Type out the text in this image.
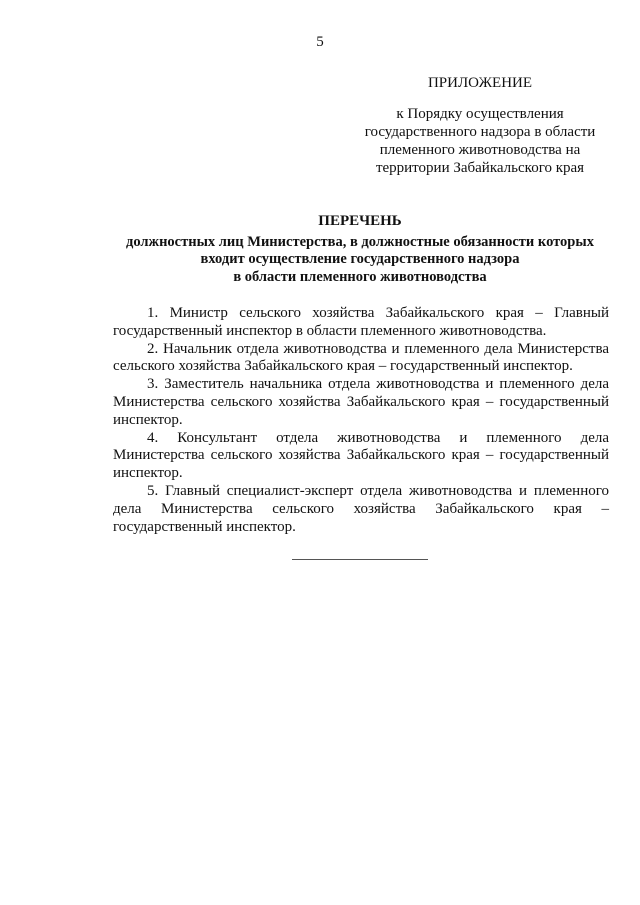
5
ПРИЛОЖЕНИЕ
к Порядку осуществления
государственного надзора в области
племенного животноводства на
территории Забайкальского края
ПЕРЕЧЕНЬ
должностных лиц Министерства, в должностные обязанности которых
входит осуществление государственного надзора
в области племенного животноводства

1. Министр сельского хозяйства Забайкальского края – Главный государственный инспектор в области племенного животноводства.

2. Начальник отдела животноводства и племенного дела Министерства сельского хозяйства Забайкальского края – государственный инспектор.

3. Заместитель начальника отдела животноводства и племенного дела Министерства сельского хозяйства Забайкальского края – государственный инспектор.

4. Консультант отдела животноводства и племенного дела Министерства сельского хозяйства Забайкальского края – государственный инспектор.

5. Главный специалист-эксперт отдела животноводства и племенного дела Министерства сельского хозяйства Забайкальского края – государственный инспектор.
